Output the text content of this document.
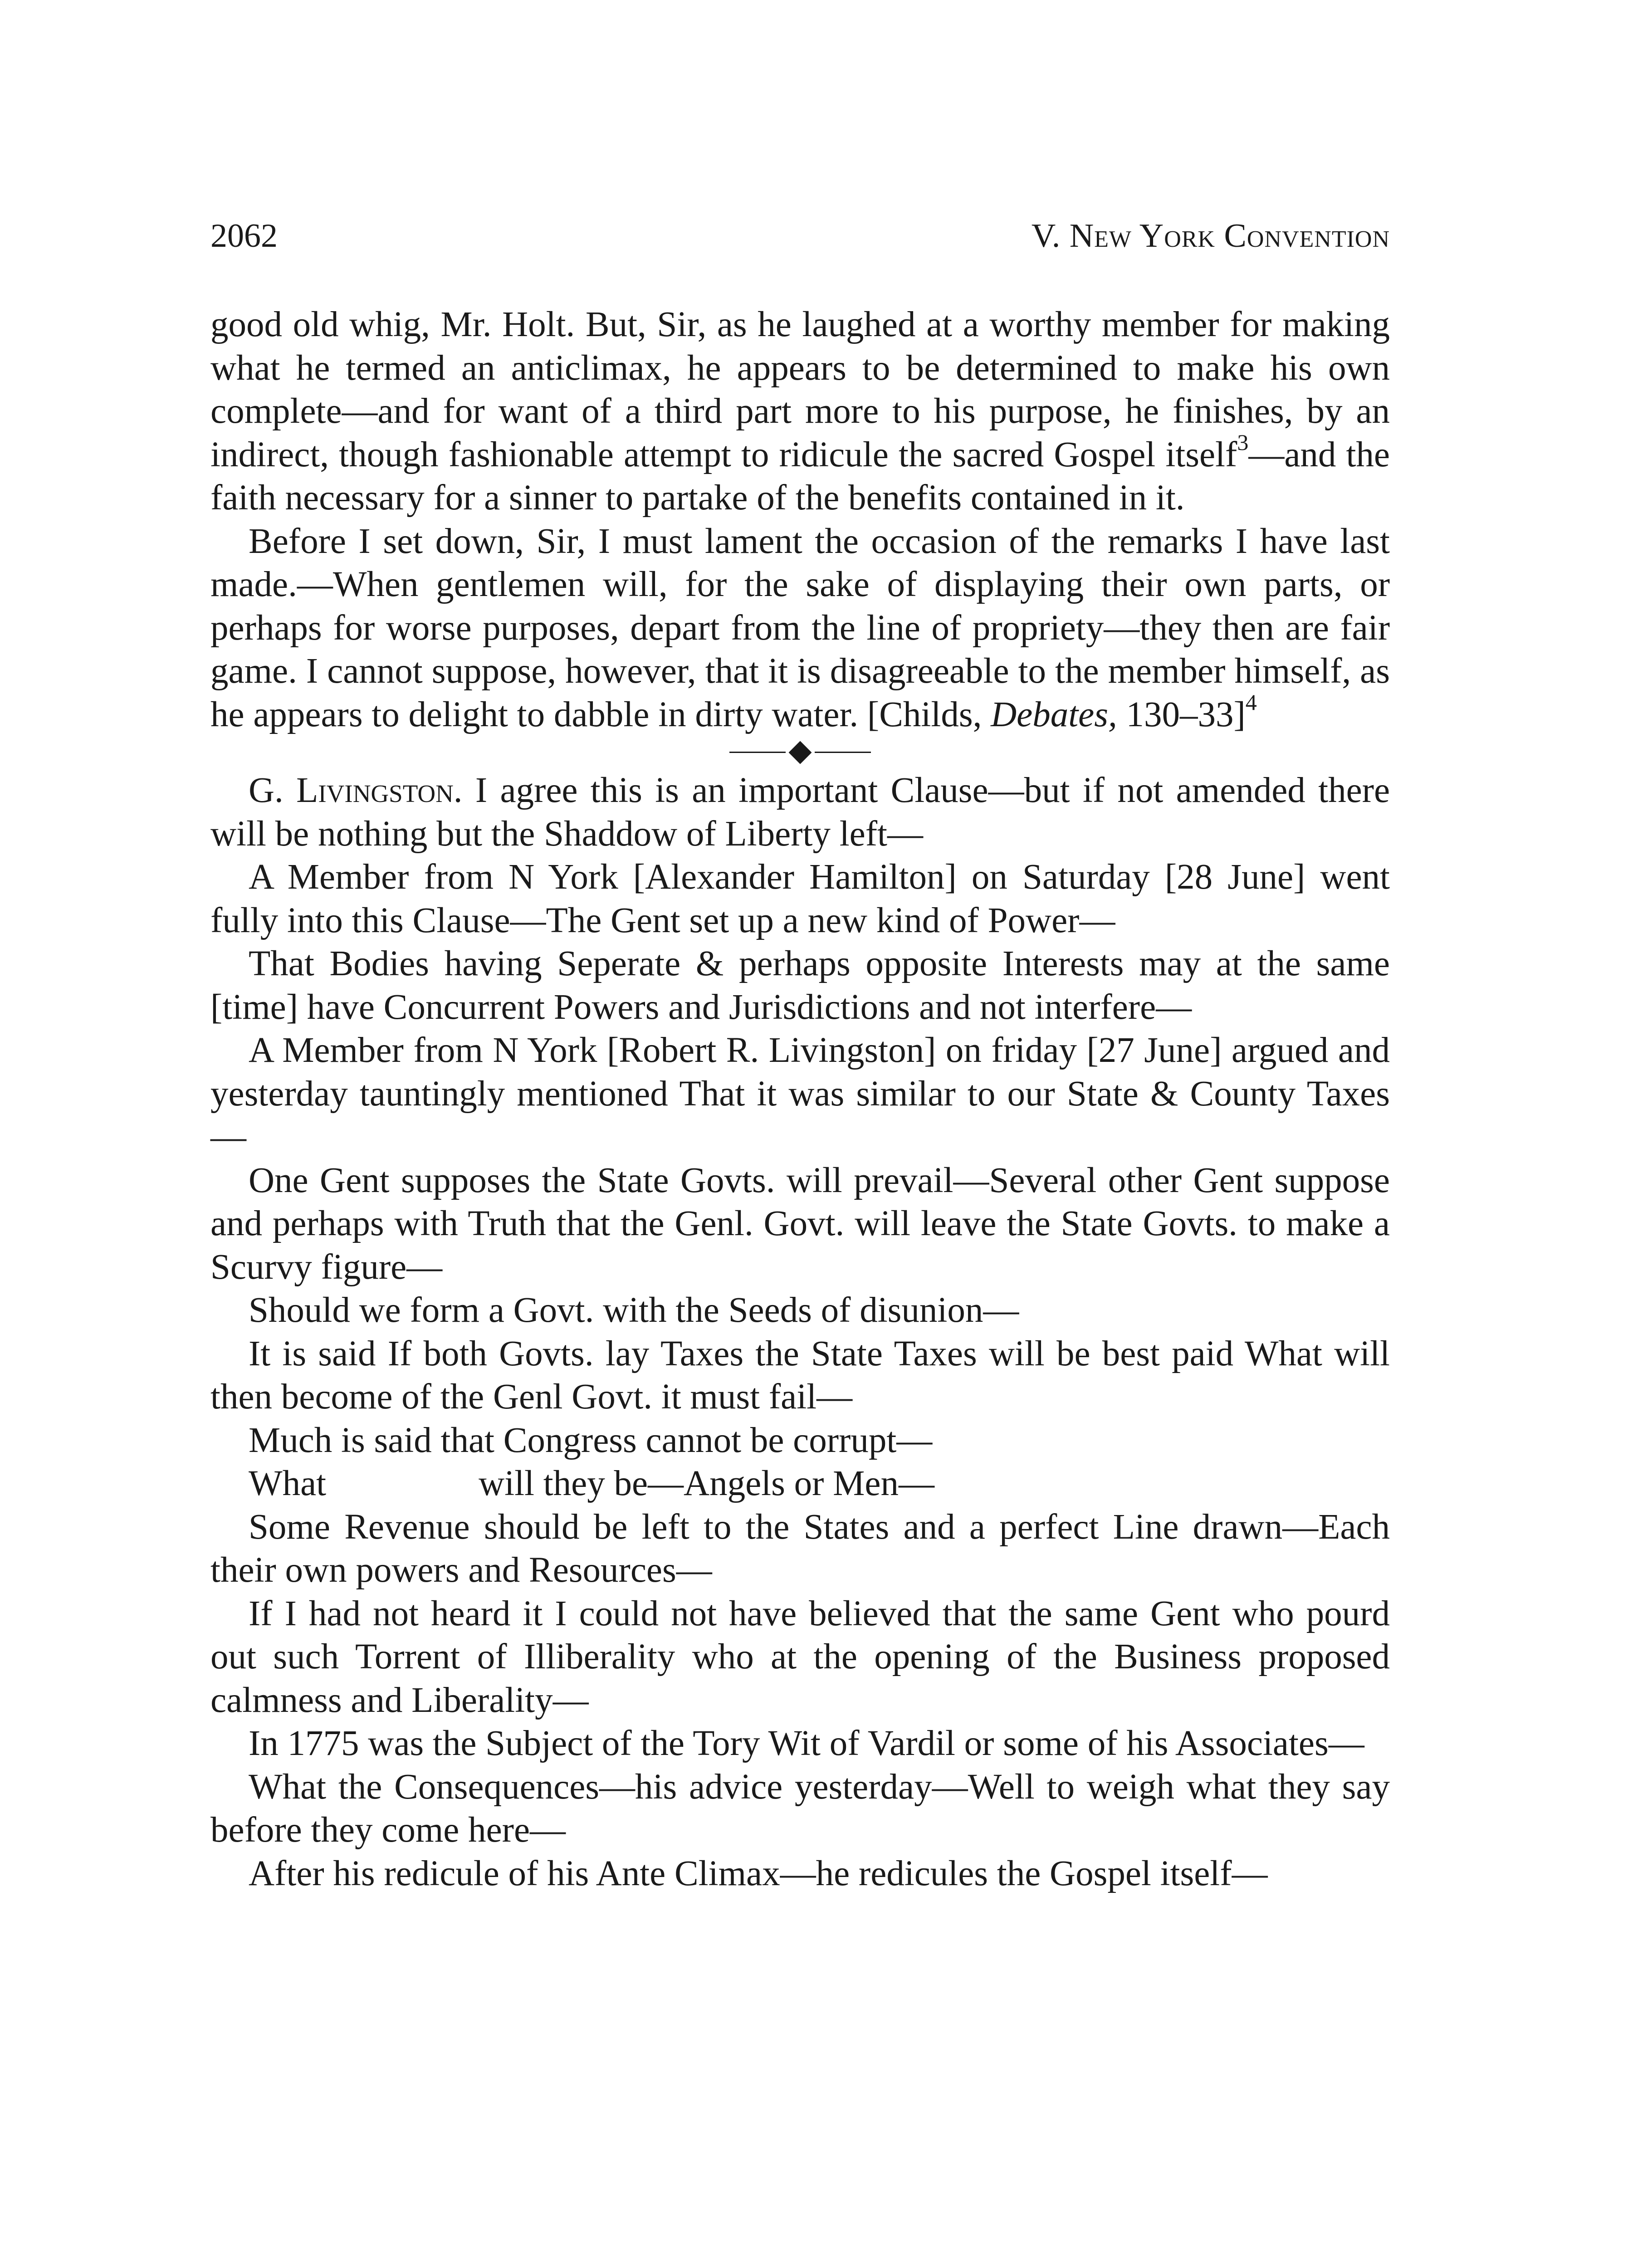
2062	V. New York Convention

good old whig, Mr. Holt. But, Sir, as he laughed at a worthy member for making what he termed an anticlimax, he appears to be determined to make his own complete—and for want of a third part more to his purpose, he finishes, by an indirect, though fashionable attempt to ridicule the sacred Gospel itself$^3$—and the faith necessary for a sinner to partake of the benefits contained in it.

Before I set down, Sir, I must lament the occasion of the remarks I have last made.—When gentlemen will, for the sake of displaying their own parts, or perhaps for worse purposes, depart from the line of propriety—they then are fair game. I cannot suppose, however, that it is disagreeable to the member himself, as he appears to delight to dabble in dirty water. [Childs, Debates, 130–33]$^4$

G. Livingston. I agree this is an important Clause—but if not amended there will be nothing but the Shaddow of Liberty left—

A Member from N York [Alexander Hamilton] on Saturday [28 June] went fully into this Clause—The Gent set up a new kind of Power—

That Bodies having Seperate & perhaps opposite Interests may at the same [time] have Concurrent Powers and Jurisdictions and not interfere—

A Member from N York [Robert R. Livingston] on friday [27 June] argued and yesterday tauntingly mentioned That it was similar to our State & County Taxes—

One Gent supposes the State Govts. will prevail—Several other Gent suppose and perhaps with Truth that the Genl. Govt. will leave the State Govts. to make a Scurvy figure—

Should we form a Govt. with the Seeds of disunion—

It is said If both Govts. lay Taxes the State Taxes will be best paid What will then become of the Genl Govt. it must fail—

Much is said that Congress cannot be corrupt—

What	will they be—Angels or Men—

Some Revenue should be left to the States and a perfect Line drawn—Each their own powers and Resources—

If I had not heard it I could not have believed that the same Gent who pourd out such Torrent of Illiberality who at the opening of the Business proposed calmness and Liberality—

In 1775 was the Subject of the Tory Wit of Vardil or some of his Associates—

What the Consequences—his advice yesterday—Well to weigh what they say before they come here—

After his redicule of his Ante Climax—he redicules the Gospel itself—
